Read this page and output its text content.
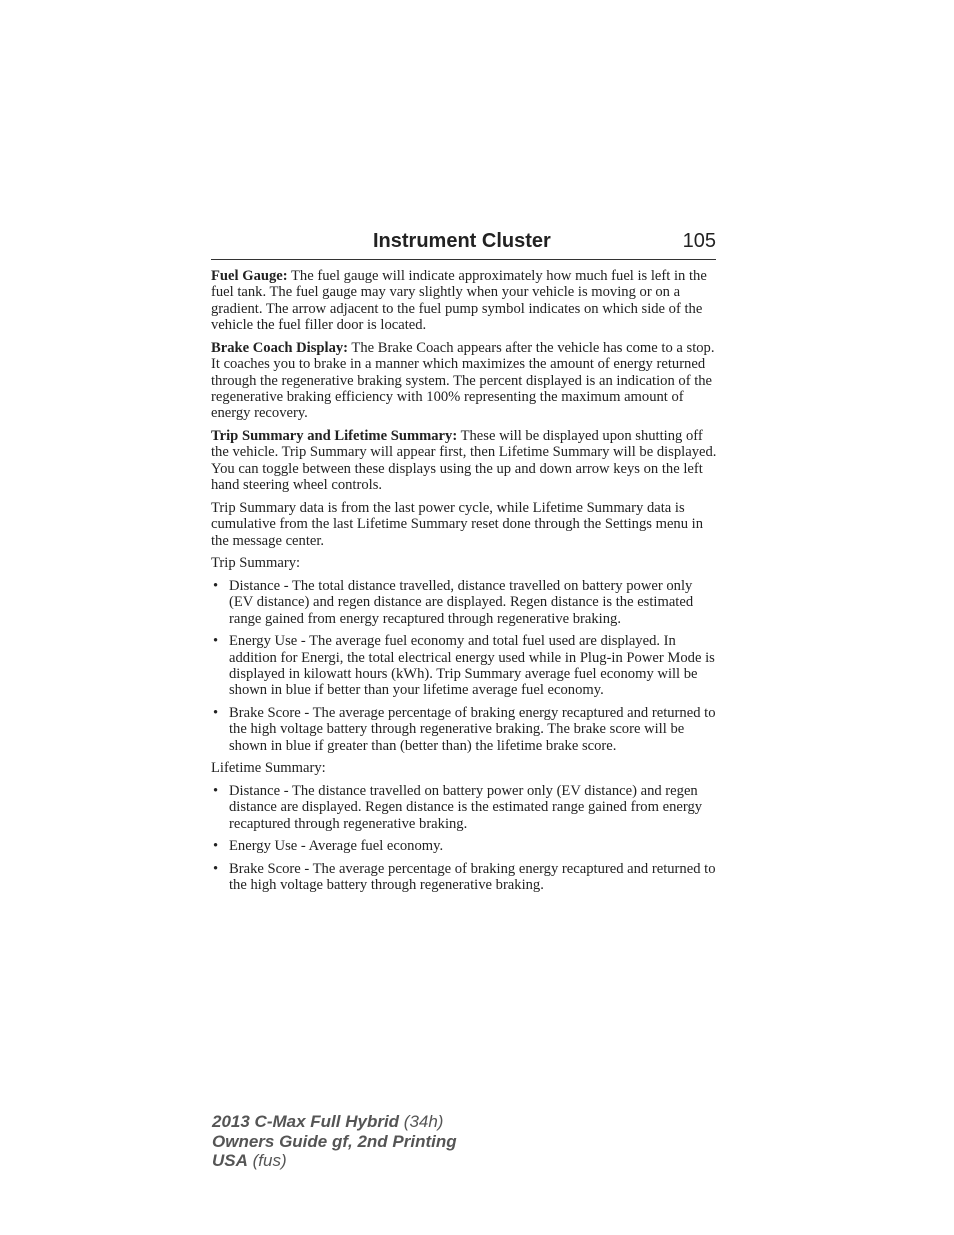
Instrument Cluster	105

Fuel Gauge: The fuel gauge will indicate approximately how much fuel is left in the fuel tank. The fuel gauge may vary slightly when your vehicle is moving or on a gradient. The arrow adjacent to the fuel pump symbol indicates on which side of the vehicle the fuel filler door is located.

Brake Coach Display: The Brake Coach appears after the vehicle has come to a stop. It coaches you to brake in a manner which maximizes the amount of energy returned through the regenerative braking system. The percent displayed is an indication of the regenerative braking efficiency with 100% representing the maximum amount of energy recovery.

Trip Summary and Lifetime Summary: These will be displayed upon shutting off the vehicle. Trip Summary will appear first, then Lifetime Summary will be displayed. You can toggle between these displays using the up and down arrow keys on the left hand steering wheel controls.

Trip Summary data is from the last power cycle, while Lifetime Summary data is cumulative from the last Lifetime Summary reset done through the Settings menu in the message center.

Trip Summary:

• Distance - The total distance travelled, distance travelled on battery power only (EV distance) and regen distance are displayed. Regen distance is the estimated range gained from energy recaptured through regenerative braking.
• Energy Use - The average fuel economy and total fuel used are displayed. In addition for Energi, the total electrical energy used while in Plug-in Power Mode is displayed in kilowatt hours (kWh). Trip Summary average fuel economy will be shown in blue if better than your lifetime average fuel economy.
• Brake Score - The average percentage of braking energy recaptured and returned to the high voltage battery through regenerative braking. The brake score will be shown in blue if greater than (better than) the lifetime brake score.

Lifetime Summary:

• Distance - The distance travelled on battery power only (EV distance) and regen distance are displayed. Regen distance is the estimated range gained from energy recaptured through regenerative braking.
• Energy Use - Average fuel economy.
• Brake Score - The average percentage of braking energy recaptured and returned to the high voltage battery through regenerative braking.
2013 C-Max Full Hybrid (34h)
Owners Guide gf, 2nd Printing
USA (fus)
